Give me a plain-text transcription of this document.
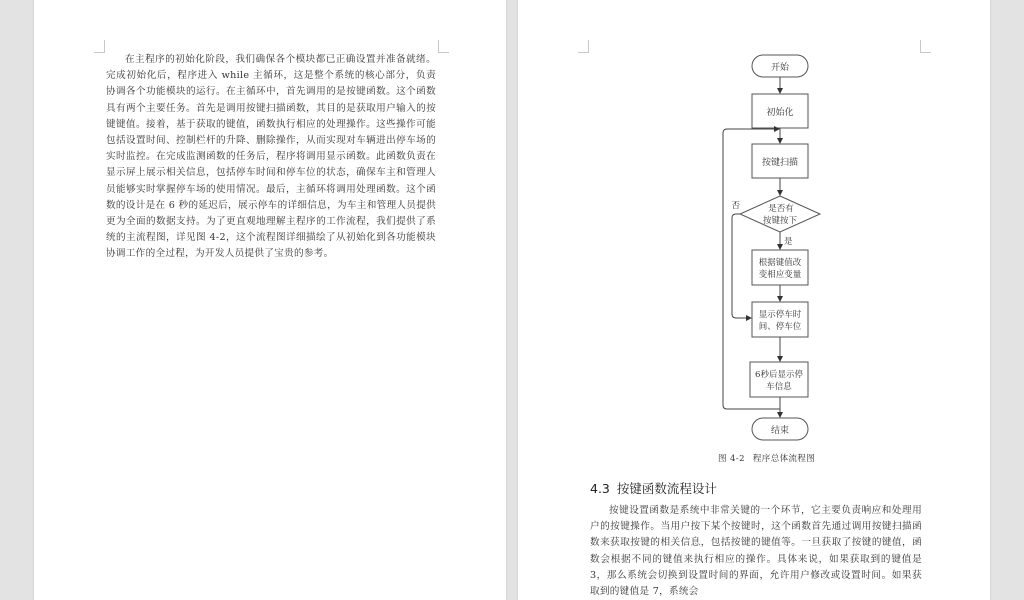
在主程序的初始化阶段，我们确保各个模块都已正确设置并准备就绪。完成初始化后，程序进入 while 主循环，这是整个系统的核心部分，负责协调各个功能模块的运行。在主循环中，首先调用的是按键函数。这个函数具有两个主要任务。首先是调用按键扫描函数，其目的是获取用户输入的按键键值。接着，基于获取的键值，函数执行相应的处理操作。这些操作可能包括设置时间、控制栏杆的升降、删除操作，从而实现对车辆进出停车场的实时监控。在完成监测函数的任务后，程序将调用显示函数。此函数负责在显示屏上展示相关信息，包括停车时间和停车位的状态，确保车主和管理人员能够实时掌握停车场的使用情况。最后，主循环将调用处理函数。这个函数的设计是在 6 秒的延迟后，展示停车的详细信息，为车主和管理人员提供更为全面的数据支持。为了更直观地理解主程序的工作流程，我们提供了系统的主流程图，详见图 4-2，这个流程图详细描绘了从初始化到各功能模块协调工作的全过程，为开发人员提供了宝贵的参考。
开始
初始化
按键扫描
是否有
按键按下
是
否
根据键值改
变相应变量
显示停车时
间、停车位
6秒后显示停
车信息
结束
图 4-2 程序总体流程图
4.3 按键函数流程设计
按键设置函数是系统中非常关键的一个环节，它主要负责响应和处理用户的按键操作。当用户按下某个按键时，这个函数首先通过调用按键扫描函数来获取按键的相关信息，包括按键的键值等。一旦获取了按键的键值，函数会根据不同的键值来执行相应的操作。具体来说，如果获取到的键值是 3，那么系统会切换到设置时间的界面，允许用户修改或设置时间。如果获取到的键值是 7，系统会
